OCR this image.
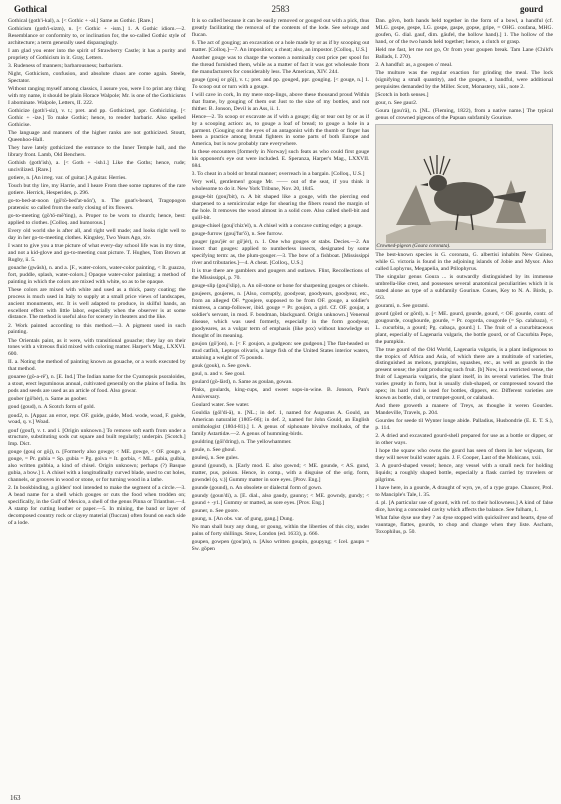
Gothical	2583	gourd

Gothical (goth'i-kal), a. [< Gothic + -al.] Same as Gothic. [Rare.]

Gothicism (goth'i-sizm), n. [< Gothic + -ism.] 1. A Gothic idiom.—2. Resemblance or conformity to, or inclination for, the so-called Gothic style of architecture; a term generally used disparagingly.

I am glad you enter into the spirit of Strawberry Castle; it has a purity and propriety of Gothicism in it. Gray, Letters.

3. Rudeness of manners; barbarousness; barbarism.

Night, Gothicism, confusion, and absolute chaos are come again. Steele, Spectator.

Without ranging myself among classics, I assure you, were I to print any thing with my name, it should be plain Horace Walpole; Mr. is one of the Gothicisms I abominate. Walpole, Letters, II. 222.

Gothicize (goth'i-siz), v. t.; pret. and pp. Gothicized, ppr. Gothicizing. [< Gothic + -ize.] To make Gothic; hence, to render barbaric. Also spelled Gothicise.

The language and manners of the higher ranks are not gothicized. Stoutt, Queenhoo-Hall.

They have lately gothicized the entrance to the Inner Temple hall, and the library front. Lamb, Old Benchers.

Gothish (goth'ish), a. [< Goth + -ish1.] Like the Goths; hence, rude; uncivilized. [Rare.]

gotiere, n. [An irreg. var. of guitar.] A guitar. Herries.

Touch but thy lire, my Harrie, and I heare From thee some raptures of the rare gotiere. Herrick, Hesperides, p. 296.

go-to-bed-at-noon (gö'tö-bed'at-nön'), n. The goat's-beard, Tragopogon pratensis: so called from the early closing of its flowers.

go-to-meeting (gö'tö-mē'ting), a. Proper to be worn to church; hence, best: applied to clothes. [Colloq. and humorous.]

Every old world she is after all, and right well made; and looks right well to day in her go-to-meeting clothes. Kingsley, Two Years Ago, xiv.

I want to give you a true picture of what every-day school life was in my time, and not a kid-glove and go-to-meeting coat picture. T. Hughes, Tom Brown at Rugby, ii. 5.

gouache (gwäsh), n. and a. [F., water-colors, water-color painting, < It. guazzo, fort, puddle, splash, water-colors.] Opaque water-color painting; a method of painting in which the colors are mixed with white, so as to be opaque.

These colors are mixed with white and used as a thick, pasty coating; the process is much used in Italy to supply at a small price views of landscapes, ancient monuments, etc. It is well adapted to produce, in skilful hands, an excellent effect with little labor, especially when the observer is at some distance. The method is useful also for scenery in theaters and the like.

2. Work painted according to this method.—3. A pigment used in such painting.

The Orientals paint, as it were, with transitional gouache; they lay on their tones with a vitreous fluid mixed with coloring matter. Harper's Mag., LXXVI. 600.

II. a. Noting the method of painting known as gouache, or a work executed by that method.

gouaree (gö-a-rē'), n. [E. Ind.] The Indian name for the Cyamopsis psoraloides, a stout, erect leguminous annual, cultivated generally on the plains of India. Its pods and seeds are used as an article of food. Also gowar.

gouber (gö'bėr), n. Same as goober.

goud (goud), n. A Scotch form of gold.

goud2, n. [Appar. an error, repr. OF. guide, guide, Mod. wode, woad, F. guède, woad, q. v.] Woad.

gouf (gouf), v. t. and i. [Origin unknown.] To remove soft earth from under a structure, substituting sods cut square and built regularly; underpin. [Scotch.] Imp. Dict.

gouge (gouj or göj), n. [Formerly also gowge; < ME. gowge, < OF. gouge, a gouge, = Pr. gubia = Sp. gubia = Pg. goiva = It. gorbia, < ML. gubia, gulbia, also written gubbia, a kind of chisel. Origin unknown; perhaps (?) Basque gubia, a bow.] 1. A chisel with a longitudinally curved blade, used to cut holes, channels, or grooves in wood or stone, or for turning wood in a lathe.

2. In bookbinding, a gilders' tool intended to make the segment of a circle.—3. A bead name for a shell which gouges or cuts the food when trodden on; specifically, in the Gulf of Mexico, a shell of the genus Pinna or Trianthus.—4. A stamp for cutting leather or paper.—5. In mining, the band or layer of decomposed country rock or clayey material (fluccan) often found on each side of a lode.

It is so called because it can be easily removed or gouged out with a pick, thus greatly facilitating the removal of the contents of the lode. See selvage and flucan.

6. The act of gouging; an excavation or a hole made by or as if by scooping out matter. [Colloq.]—7. An imposition; a cheat; also, an impostor. [Colloq., U.S.]

Another gouge was to charge the women a nominally cost price per spool for the thread furnished them, while as a matter of fact it was got wholesale from the manufacturers for considerably less. The American, XIV. 244.

gouge (gouj or göj), v. t.; pret. and pp. gouged, ppr. gouging. [< gouge, n.] 1. To scoop out or turn with a gouge.

I will cave in cork, In my mere stop-lings, above these thousand proud Within that frame, by gouging of them out Just to the size of my bottles, and not thither. B. Jonson, Devil is an Ass, ii. 1.

Hence—2. To scoop or excavate as if with a gouge; dig or tear out by or as if by a scooping action: as, to gouge a loaf of bread; to gouge a hole in a garment. (Gouging out the eyes of an antagonist with the thumb or finger has been a practice among brutal fighters in some parts of both Europe and America, but is now probably rare everywhere.

In these encounters [formerly in Norway] such feats as who could first gouge his opponent's eye out were included. E. Speranza, Harper's Mag., LXXVII. 684.

3. To cheat in a bold or brutal manner; overreach in a bargain. [Colloq., U.S.]

Very well, gentlemen! gouge Mr. —— out of the seat, if you think it wholesome to do it. New York Tribune, Nov. 20, 1845.

gouge-bit (gouj'bit), n. A bit shaped like a gouge, with the piercing end sharpened to a semicircular edge for shearing the fibers round the margin of the hole. It removes the wood almost in a solid core. Also called shell-bit and quill-bit.

gouge-chisel (gouj'chiz'el), n. A chisel with a concave cutting edge; a gouge.

gouge-furrow (gouj'fur'ō), n. See furrow.

gouger (gou'jėr or gö'jėr), n. 1. One who gouges or stabs. Decies.—2. An insect that gouges: applied to numberless insects, designated by some specifying term: as, the plum-gouger.—3. The bow of a fishboat. [Mississippi river and tributaries.]—4. A cheat. [Colloq., U.S.]

It is true there are gamblers and gougers and outlaws. Flint, Recollections of the Mississippi, p. 70.

gouge-slip (gouj'slip), n. An oil-stone or hone for sharpening gouges or chisels.

goujeers, goujeres, n. [Also, corruptly, goodyear, goodyears, goodyear, etc., from an alleged OF. *goujere, supposed to be from OF. gouge, a soldier's mistress, a camp-follower, ibid. gouge = Pr. goujon, a girl. Cf. OF. goujat, a soldier's servant, in mod. F. bondman, blackguard. Origin unknown.] Venereal disease, which was used formerly, especially in the form goodyear, goodyeares, as a vulgar term of emphasis (like pox) without knowledge or thought of its meaning.

goujon (gö'jon), n. [< F. goujon, a gudgeon: see gudgeon.] The flat-headed or mud catfish, Leptops olivaris, a large fish of the United States interior waters, attaining a weight of 75 pounds.

gouk (gouk), n. See gowk.

goul, n. and v. See goul.

goulard (gö-lärd), n. Same as goulan, gowan.

Pinks, goulards, king-cups, and sweet sops-in-wine. B. Jonson, Pan's Anniversary.

Goulard water. See water.

Gouldia (göl'di-ä), n. [NL.; in def. 1, named for Augustus A. Gould, an American naturalist (1805-66); in def. 2, named for John Gould, an English ornithologist (1804-81).] 1. A genus of siphonate bivalve mollusks, of the family Astartidæ.—2. A genus of humming-birds.

gouldring (göl'dring), n. The yellowhammer.

goule, n. See ghoul.

goulesj, n. See gules.

gound (gound), n. [Early mod. E. also gownd; < ME. gounde, < AS. gund, matter, pus, poison. Hence, in comp., with a disguise of the orig. form, gowndel (q. v.)] Gummy matter in sore eyes. [Prov. Eng.]

gounde (gound), n. An obsolete or dialectal form of gown.

goundy (goun'di), a. [E. dial., also gaudy, gaunny; < ME. gowndy, gundy; < gound + -y1.] Gummy or matted, as sore eyes. [Prov. Eng.]

gouner, n. See goore.

goung, n. [An obs. var. of gung, gang.] Dung.

No man shall bury any dung, or goung, within the liberties of this city, under pains of forty shillings. Stow, London (ed. 1633), p. 666.

goupen, gowpen (gou'pn), n. [Also written goupin, goupyng; < Icel. gaupn = Sw. göpen

Dan. gövn, both hands held together in the form of a bowl, a handful (cf. MLG. gospe, gespe, LG. gospe, gaspe, gopse, gripe, = OHG. coufana, MHG. goufen, G. dial. gauf, dim. gäufel, the hollow hand).] 1. The hollow of the hand, or of the two hands held together; hence, a clutch or grasp.

Held me fast, let me not go, Or from your goupen break. Tam Lane (Child's Ballads, I. 270).

2. A handful: as, a goupen o' meal.

The multure was the regular exaction for grinding the meal. The lock (signifying a small quantity), and the goupen, a handful, were additional perquisites demanded by the Miller. Scott, Monastery, xiii., note 2.

[Scotch in both senses.]

gour, n. See gaur2.

Goura (gou'rä), n. [NL. (Fleming, 1822), from a native name.] The typical genus of crowned pigeons of the Papuan subfamily Gourinæ.

Crowned-pigeon (Goura coronata).

The best-known species is G. coronata, G. albertisi inhabits New Guinea, while G. victoria is found in the adjoining islands of Jobie and Mysor. Also called Lophyrus, Megapelia, and Ptilophyrus.

The singular genus Goura ... is outwardly distinguished by its immense umbrella-like crest, and possesses several anatomical peculiarities which it is stated alone as type of a subfamily Gourinæ. Coues, Key to N. A. Birds, p. 563.

gourami, n. See gorami.

gourd (görd or gōrd), n. [< ME. gourd, gourde, gourd, < OF. gourde, contr. of gougourde, coughourde, gourde, = Pr. cogorda, cougorde (= Sp. calabaza), < L. cucurbita, a gourd; Pg. cabaça, gourd.] 1. The fruit of a cucurbitaceous plant, especially of Lagenaria vulgaris, the bottle gourd, or of Cucurbita Pepo, the pumpkin.

The true gourd of the Old World, Lagenaria vulgaris, is a plant indigenous to the tropics of Africa and Asia, of which there are a multitude of varieties, distinguished as melons, pumpkins, squashes, etc., as well as gourds in the present sense; the plant producing such fruit. [b] Now, in a restricted sense, the fruit of Lagenaria vulgaris, the plant itself, in its several varieties. The fruit varies greatly in form, but is usually club-shaped, or compressed toward the apex; its hard rind is used for bottles, dippers, etc. Different varieties are known as bottle, club, or trumpet-gourd, or calabash.

And there groweth a manere of Treys, as thoughe it weren Gourdes. Mandeville, Travels, p. 204.

Gourdes for seede til Wynter longe abide. Palladius, Husbondrie (E. E. T. S.), p. 114.

2. A dried and excavated gourd-shell prepared for use as a bottle or dipper, or in other ways.

I hope the squaw who owns the gourd has seen of them in her wigwam, for they will never build water again. J. F. Cooper, Last of the Mohicans, xxii.

3. A gourd-shaped vessel; hence, any vessel with a small neck for holding liquids; a roughly shaped bottle, especially a flask carried by travelers or pilgrims.

I have here, in a gourde, A draught of wyn, ye, of a rype grape. Chaucer, Prol. to Manciple's Tale, l. 35.

4. pl. [A particular use of gourd, with ref. to their hollowness.] A kind of false dice, having a concealed cavity which affects the balance. See fulham, 1.

What false dyse use they ? as dyse stopped with quicksilver and hearts, dyse of vauntage, flattes, gourds, to chop and change when they liste. Ascham, Toxophilus, p. 50.

163
